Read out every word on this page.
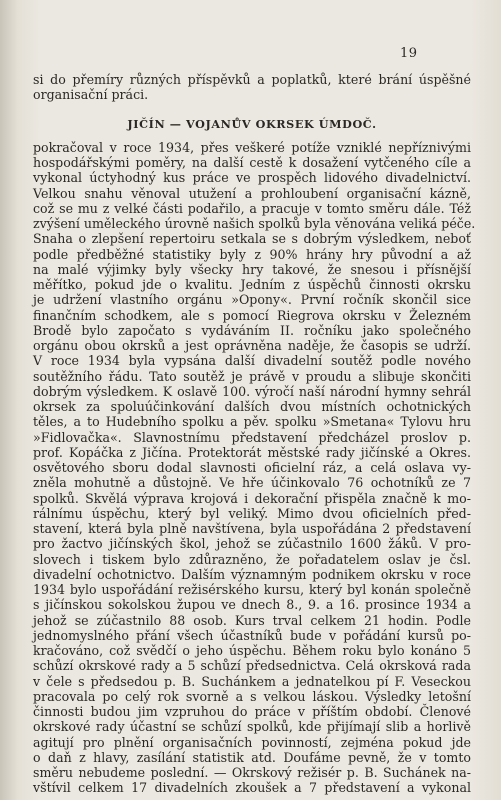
19
si do přemíry různých příspěvků a poplatků, které brání úspěšné
organisační práci.
JIČÍN — VOJANŮV OKRSEK ÚMDOČ.
pokračoval v roce 1934, přes veškeré potíže vzniklé nepříznivými
hospodářskými poměry, na další cestě k dosažení vytčeného cíle a
vykonal úctyhodný kus práce ve prospěch lidového divadelnictví.
Velkou snahu věnoval utužení a prohloubení organisační kázně,
což se mu z velké části podařilo, a pracuje v tomto směru dále. Též
zvýšení uměleckého úrovně našich spolků byla věnována veliká péče.
Snaha o zlepšení repertoiru setkala se s dobrým výsledkem, neboť
podle předběžné statistiky byly z 90% hrány hry původní a až
na malé výjimky byly všecky hry takové, že snesou i přísnější
měřítko, pokud jde o kvalitu. Jedním z úspěchů činnosti okrsku
je udržení vlastního orgánu »Opony«. První ročník skončil sice
finančním schodkem, ale s pomocí Riegrova okrsku v Železném
Brodě bylo započato s vydáváním II. ročníku jako společného
orgánu obou okrsků a jest oprávněna naděje, že časopis se udrží.
V roce 1934 byla vypsána další divadelní soutěž podle nového
soutěžního řádu. Tato soutěž je právě v proudu a slibuje skončiti
dobrým výsledkem. K oslavě 100. výročí naší národní hymny sehrál
okrsek za spoluúčinkování dalších dvou místních ochotnických
těles, a to Hudebního spolku a pěv. spolku »Smetana« Tylovu hru
»Fidlovačka«. Slavnostnímu představení předcházel proslov p.
prof. Kopáčka z Jičína. Protektorát městské rady jičínské a Okres.
osvětového sboru dodal slavnosti oficielní ráz, a celá oslava vy-
zněla mohutně a důstojně. Ve hře účinkovalo 76 ochotníků ze 7
spolků. Skvělá výprava krojová i dekorační přispěla značně k mo-
rálnímu úspěchu, který byl veliký. Mimo dvou oficielních před-
stavení, která byla plně navštívena, byla uspořádána 2 představení
pro žactvo jičínských škol, jehož se zúčastnilo 1600 žáků. V pro-
slovech i tiskem bylo zdůrazněno, že pořadatelem oslav je čsl.
divadelní ochotnictvo. Dalším významným podnikem okrsku v roce
1934 bylo uspořádání režisérského kursu, který byl konán společně
s jičínskou sokolskou župou ve dnech 8., 9. a 16. prosince 1934 a
jehož se zúčastnilo 88 osob. Kurs trval celkem 21 hodin. Podle
jednomyslného přání všech účastníků bude v pořádání kursů po-
kračováno, což svědčí o jeho úspěchu. Během roku bylo konáno 5
schůzí okrskové rady a 5 schůzí předsednictva. Celá okrsková rada
v čele s předsedou p. B. Suchánkem a jednatelkou pí F. Veseckou
pracovala po celý rok svorně a s velkou láskou. Výsledky letošní
činnosti budou jim vzpruhou do práce v příštím období. Členové
okrskové rady účastní se schůzí spolků, kde přijímají slib a horlivě
agitují pro plnění organisačních povinností, zejména pokud jde
o daň z hlavy, zasílání statistik atd. Doufáme pevně, že v tomto
směru nebudeme poslední. — Okrskový režisér p. B. Suchánek na-
vštívil celkem 17 divadelních zkoušek a 7 představení a vykonal
